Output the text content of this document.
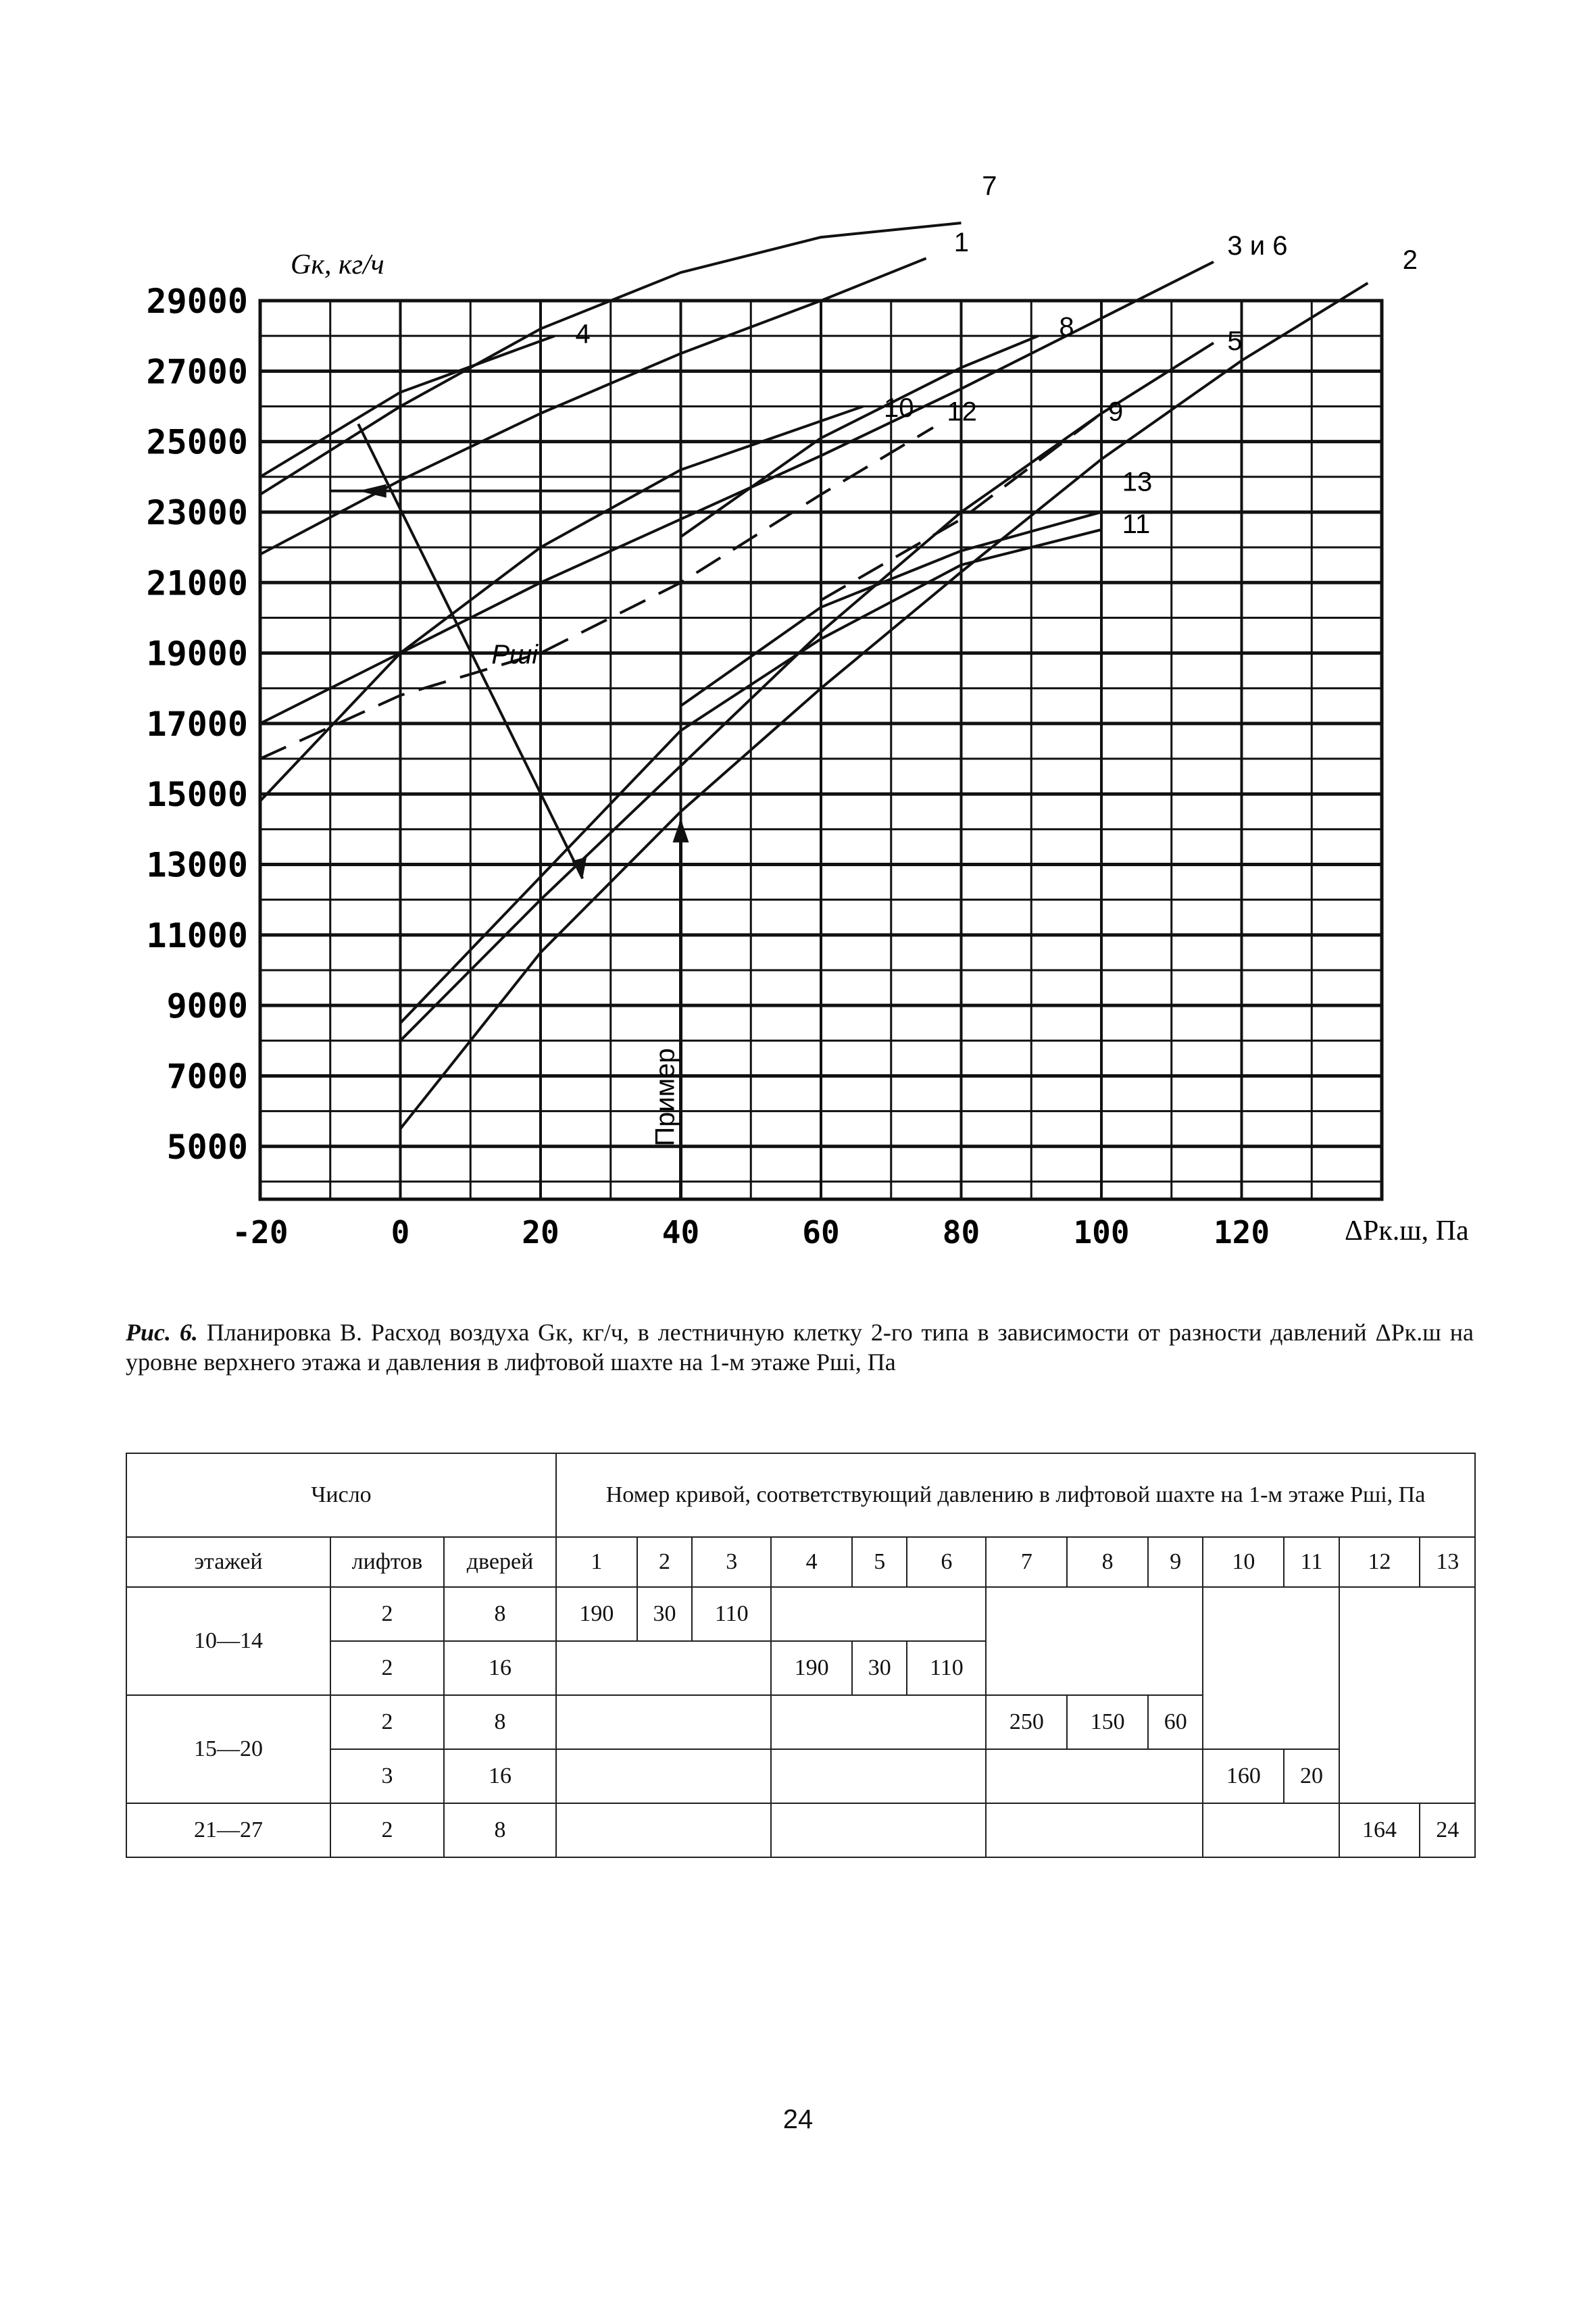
29000
27000
25000
23000
21000
19000
17000
15000
13000
11000
9000
7000
5000
-20	0	20	40	60	80	100	120
1
2
3 и 6
4	5
7
8
9
10
11
12
13
Пример
Pші
Gк, кг/ч
ΔPк.ш, Па
Рис. 6. Планировка В. Расход воздуха Gк, кг/ч, в лестничную клетку 2-го типа в зависимости от разности давлений ΔPк.ш на уровне верхнего этажа и давления в лифтовой шахте на 1-м этаже Pші, Па
Число			Номер кривой, соответствующий давлению в лифтовой шахте на 1-м этаже Pші, Па												
этажей	лифтов	дверей	1	2	3	4	5	6	7	8	9	10	11	12	13
10—14	2	8	190	30	110										
	2	16				190	30	110							
15—20	2	8							250	150	60				
	3	16										160	20		
21—27	2	8												164	24
24
